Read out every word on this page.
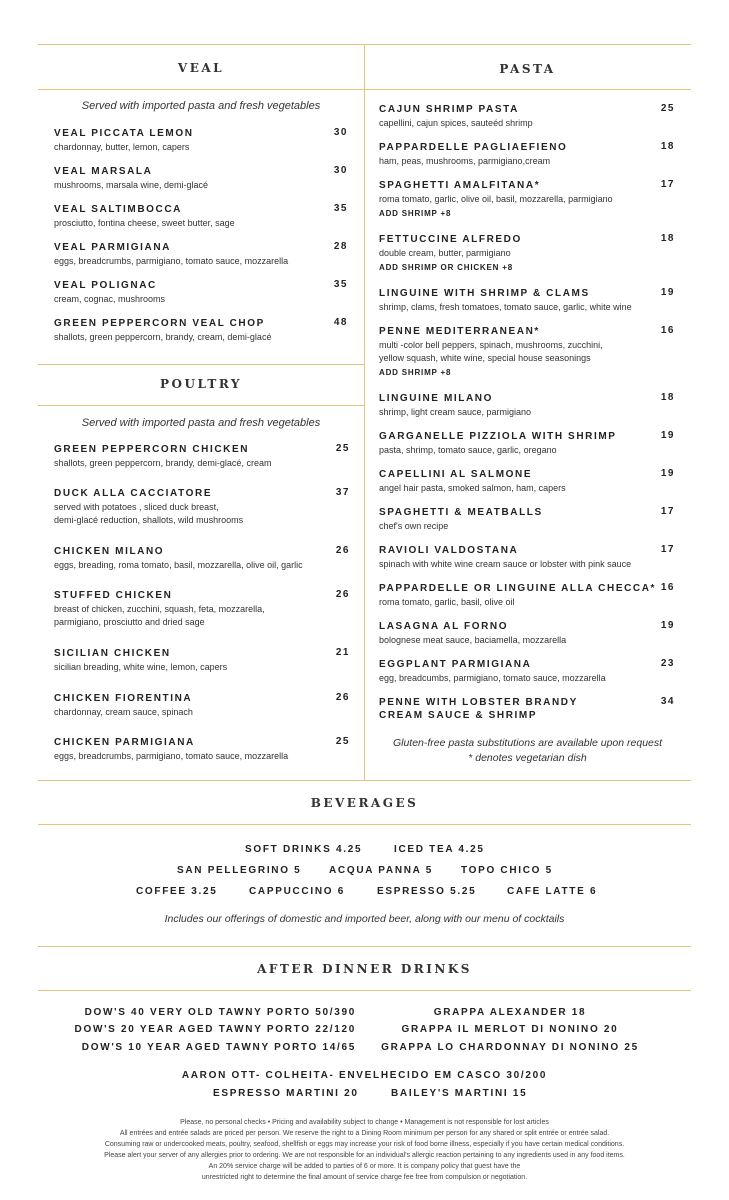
VEAL
Served with imported pasta and fresh vegetables
VEAL PICCATA LEMON
chardonnay, butter, lemon, capers
30
VEAL MARSALA
mushrooms, marsala wine, demi-glacé
30
VEAL SALTIMBOCCA
prosciutto, fontina cheese, sweet butter, sage
35
VEAL PARMIGIANA
eggs, breadcrumbs, parmigiano, tomato sauce, mozzarella
28
VEAL POLIGNAC
cream, cognac, mushrooms
35
GREEN PEPPERCORN VEAL CHOP
shallots, green peppercorn, brandy, cream, demi-glacé
48
POULTRY
Served with imported pasta and fresh vegetables
GREEN PEPPERCORN CHICKEN
shallots, green peppercorn, brandy, demi-glacé, cream
25
DUCK ALLA CACCIATORE
served with potatoes , sliced duck breast,
demi-glacé reduction, shallots, wild mushrooms
37
CHICKEN MILANO
eggs, breading, roma tomato, basil, mozzarella, olive oil, garlic
26
STUFFED CHICKEN
breast of chicken, zucchini, squash, feta, mozzarella,
parmigiano, prosciutto and dried sage
26
SICILIAN CHICKEN
sicilian breading, white wine, lemon, capers
21
CHICKEN FIORENTINA
chardonnay, cream sauce, spinach
26
CHICKEN PARMIGIANA
eggs, breadcrumbs, parmigiano, tomato sauce, mozzarella
25
PASTA
CAJUN SHRIMP PASTA
capellini, cajun spices, sauteéd shrimp
25
PAPPARDELLE PAGLIAEFIENO
ham, peas, mushrooms, parmigiano,cream
18
SPAGHETTI AMALFITANA*
roma tomato, garlic, olive oil, basil, mozzarella, parmigiano
ADD SHRIMP +8
17
FETTUCCINE ALFREDO
double cream, butter, parmigiano
ADD SHRIMP OR CHICKEN +8
18
LINGUINE WITH SHRIMP & CLAMS
shrimp, clams, fresh tomatoes, tomato sauce, garlic, white wine
19
PENNE MEDITERRANEAN*
multi -color bell peppers, spinach, mushrooms, zucchini,
yellow squash, white wine, special house seasonings
ADD SHRIMP +8
16
LINGUINE MILANO
shrimp, light cream sauce, parmigiano
18
GARGANELLE PIZZIOLA WITH SHRIMP
pasta, shrimp, tomato sauce, garlic, oregano
19
CAPELLINI AL SALMONE
angel hair pasta, smoked salmon, ham, capers
19
SPAGHETTI & MEATBALLS
chef's own recipe
17
RAVIOLI VALDOSTANA
spinach with white wine cream sauce or lobster with pink sauce
17
PAPPARDELLE OR LINGUINE ALLA CHECCA*
roma tomato, garlic, basil, olive oil
16
LASAGNA AL FORNO
bolognese meat sauce, baciamella, mozzarella
19
EGGPLANT PARMIGIANA
egg, breadcumbs, parmigiano, tomato sauce, mozzarella
23
PENNE WITH LOBSTER BRANDY
CREAM SAUCE & SHRIMP
34
Gluten-free pasta substitutions are available upon request
* denotes vegetarian dish
BEVERAGES
SOFT DRINKS 4.25	ICED TEA 4.25
SAN PELLEGRINO 5	ACQUA PANNA 5	TOPO CHICO 5
COFFEE 3.25	CAPPUCCINO 6	ESPRESSO 5.25	CAFE LATTE 6
Includes our offerings of domestic and imported beer, along with our menu of cocktails
AFTER DINNER DRINKS
DOW'S 40 VERY OLD TAWNY PORTO 50/390
DOW'S 20 YEAR AGED TAWNY PORTO 22/120
DOW'S 10 YEAR AGED TAWNY PORTO 14/65
GRAPPA ALEXANDER 18
GRAPPA IL MERLOT DI NONINO 20
GRAPPA LO CHARDONNAY DI NONINO 25
AARON OTT- COLHEITA- ENVELHECIDO EM CASCO 30/200
ESPRESSO MARTINI 20	BAILEY'S MARTINI 15
Please, no personal checks • Pricing and availability subject to change • Management is not responsible for lost articles
All entrées and entrée salads are priced per person. We reserve the right to a Dining Room minimum per person for any shared or split entrée or entrée salad.
Consuming raw or undercooked meats, poultry, seafood, shellfish or eggs may increase your risk of food borne illness, especially if you have certain medical conditions.
Please alert your server of any allergies prior to ordering. We are not responsible for an individual's allergic reaction pertaining to any ingredients used in any food items.
An 20% service charge will be added to parties of 6 or more. It is company policy that guest have the
unrestricted right to determine the final amount of service charge fee free from compulsion or negotiation.
